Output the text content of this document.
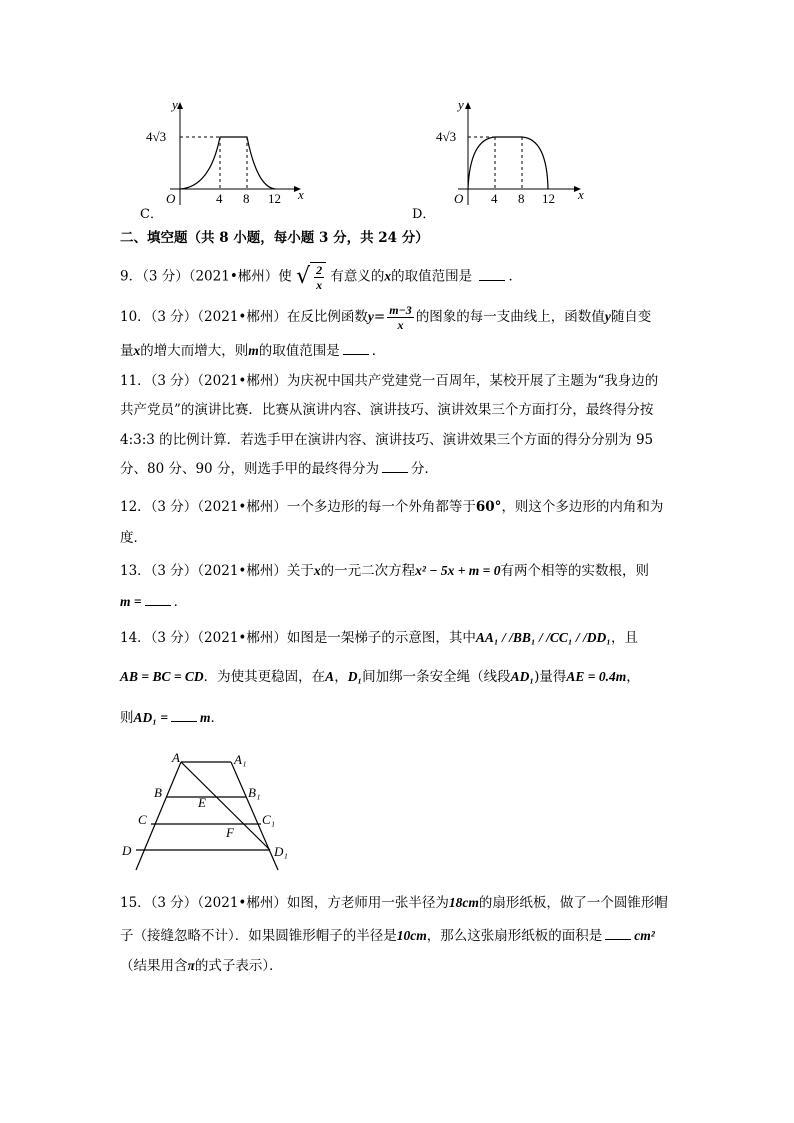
y
x
O
4√3
4 8 12
C．
y
x
O
4√3
4 8 12
D．
二、填空题（共 8 小题，每小题 3 分，共 24 分）
9．（3 分）（2021•郴州）使 √ $\frac{2}{x}$ 有意义的x的取值范围是	．
10．（3 分）（2021•郴州）在反比例函数$y= \frac{m-3}{x}$ 的图象的每一支曲线上，函数值y随自变
量x的增大而增大，则m的取值范围是 ．
11．（3 分）（2021•郴州）为庆祝中国共产党建党一百周年，某校开展了主题为“我身边的
共产党员”的演讲比赛．比赛从演讲内容、演讲技巧、演讲效果三个方面打分，最终得分按
4:3:3 的比例计算．若选手甲在演讲内容、演讲技巧、演讲效果三个方面的得分分别为 95
分、80 分、90 分，则选手甲的最终得分为 分．
12．（3 分）（2021•郴州）一个多边形的每一个外角都等于60°，则这个多边形的内角和为
度．
13．（3 分）（2021•郴州）关于x的一元二次方程x² − 5x + m = 0有两个相等的实数根，则
m = ．
14．（3 分）（2021•郴州）如图是一架梯子的示意图，其中AA₁ / /BB₁ / /CC₁ / /DD₁，且
AB = BC = CD．为使其更稳固，在A，D₁间加绑一条安全绳（线段AD₁)量得AE = 0.4m，
则AD₁ = m．
A	A₁
B	B₁
C	C₁
D	D₁
E
F
15．（3 分）（2021•郴州）如图，方老师用一张半径为18cm的扇形纸板，做了一个圆锥形帽
子（接缝忽略不计）．如果圆锥形帽子的半径是10cm，那么这张扇形纸板的面积是 cm²
（结果用含π的式子表示）．
